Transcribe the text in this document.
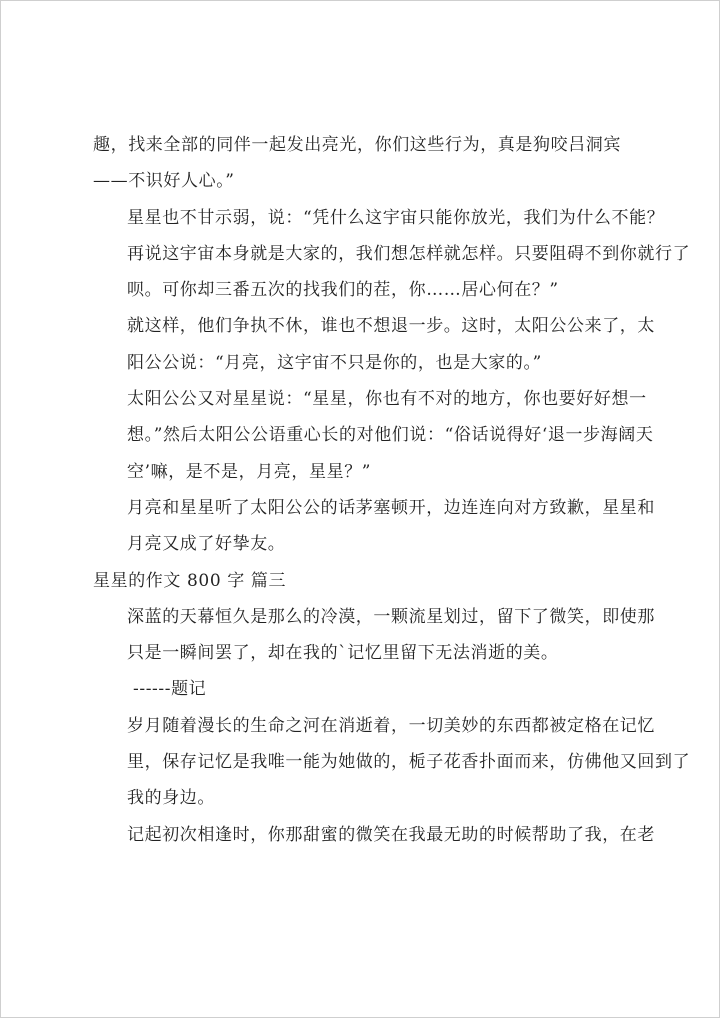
趣，找来全部的同伴一起发出亮光，你们这些行为，真是狗咬吕洞宾
——不识好人心。”

星星也不甘示弱，说：“凭什么这宇宙只能你放光，我们为什么不能？
再说这宇宙本身就是大家的，我们想怎样就怎样。只要阻碍不到你就行了
呗。可你却三番五次的找我们的茬，你……居心何在？”

就这样，他们争执不休，谁也不想退一步。这时，太阳公公来了，太
阳公公说：“月亮，这宇宙不只是你的，也是大家的。”

太阳公公又对星星说：“星星，你也有不对的地方，你也要好好想一
想。”然后太阳公公语重心长的对他们说：“俗话说得好‘退一步海阔天
空’嘛，是不是，月亮，星星？”

月亮和星星听了太阳公公的话茅塞顿开，边连连向对方致歉，星星和
月亮又成了好挚友。

星星的作文 800 字 篇三

深蓝的天幕恒久是那么的冷漠，一颗流星划过，留下了微笑，即使那
只是一瞬间罢了，却在我的`记忆里留下无法消逝的美。

------题记

岁月随着漫长的生命之河在消逝着，一切美妙的东西都被定格在记忆
里，保存记忆是我唯一能为她做的，栀子花香扑面而来，仿佛他又回到了
我的身边。

记起初次相逢时，你那甜蜜的微笑在我最无助的时候帮助了我，在老
